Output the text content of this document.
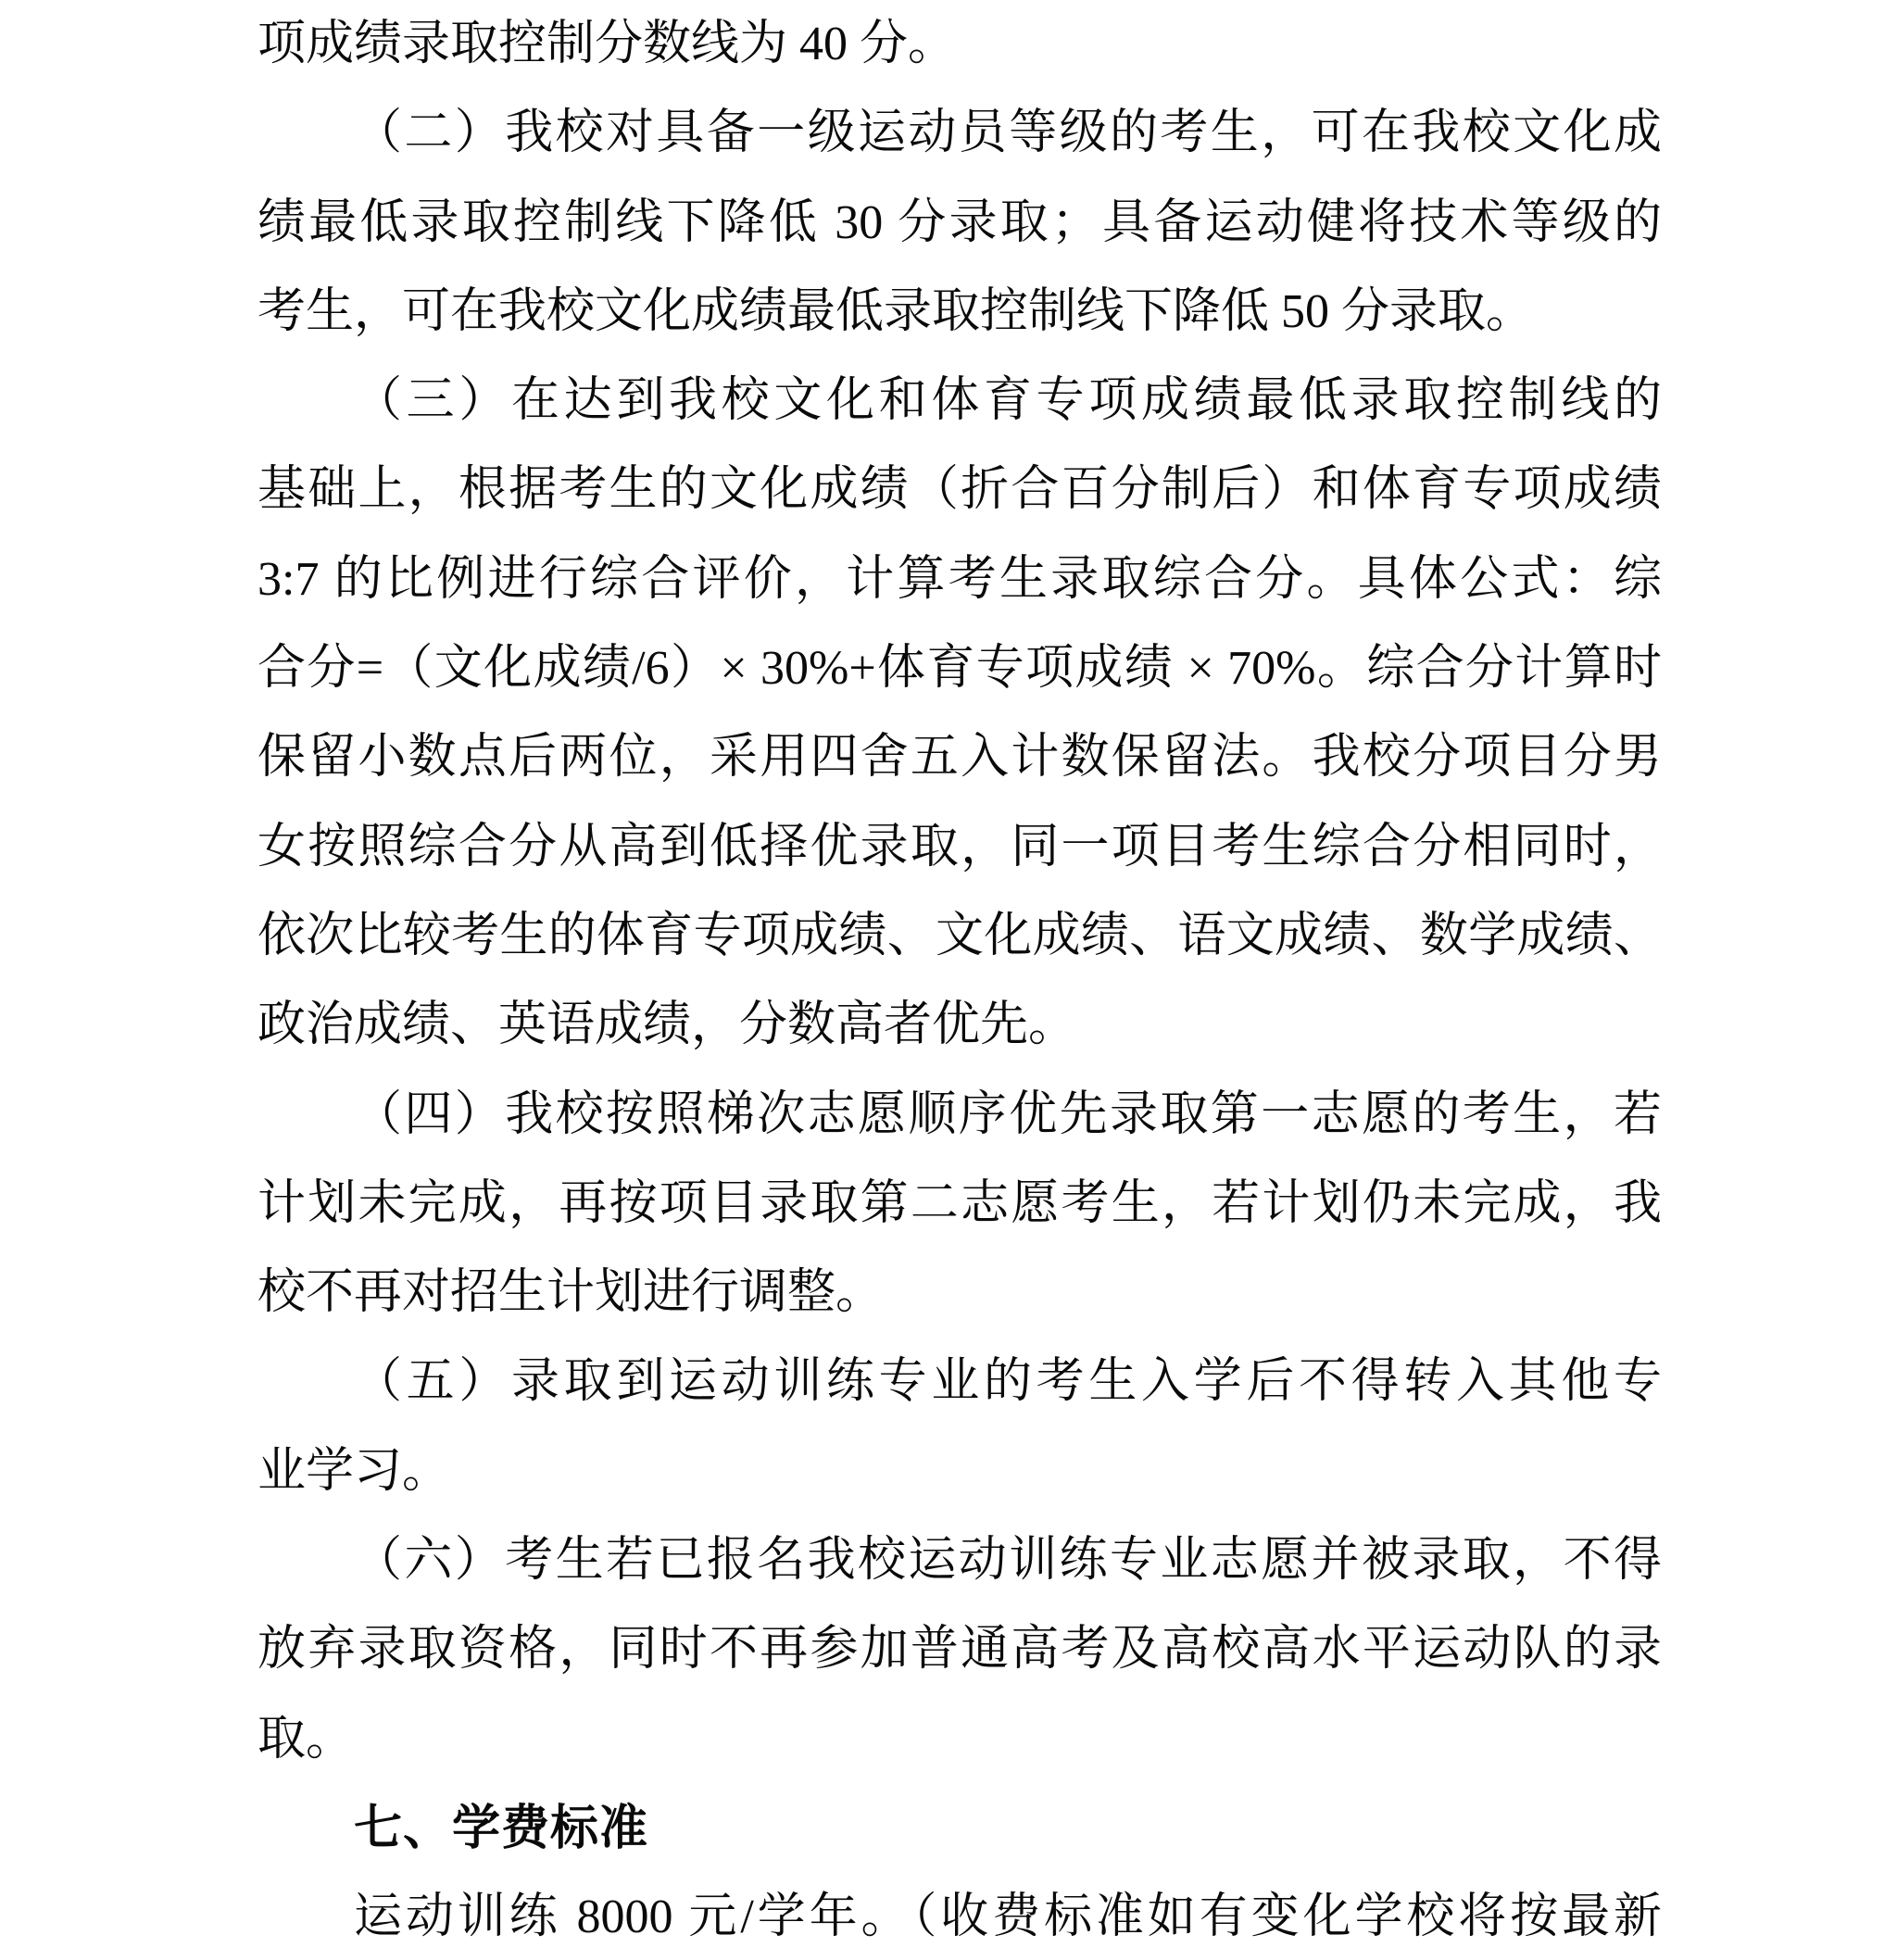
项成绩录取控制分数线为 40 分。
（二）我校对具备一级运动员等级的考生，可在我校文化成
绩最低录取控制线下降低 30 分录取；具备运动健将技术等级的
考生，可在我校文化成绩最低录取控制线下降低 50 分录取。
（三）在达到我校文化和体育专项成绩最低录取控制线的
基础上，根据考生的文化成绩（折合百分制后）和体育专项成绩
3:7 的比例进行综合评价，计算考生录取综合分。具体公式：综
合分=（文化成绩/6）× 30%+体育专项成绩 × 70%。综合分计算时
保留小数点后两位，采用四舍五入计数保留法。我校分项目分男
女按照综合分从高到低择优录取，同一项目考生综合分相同时，
依次比较考生的体育专项成绩、文化成绩、语文成绩、数学成绩、
政治成绩、英语成绩，分数高者优先。
（四）我校按照梯次志愿顺序优先录取第一志愿的考生，若
计划未完成，再按项目录取第二志愿考生，若计划仍未完成，我
校不再对招生计划进行调整。
（五）录取到运动训练专业的考生入学后不得转入其他专
业学习。
（六）考生若已报名我校运动训练专业志愿并被录取，不得
放弃录取资格，同时不再参加普通高考及高校高水平运动队的录
取。
七、学费标准
运动训练 8000 元/学年。（收费标准如有变化学校将按最新
